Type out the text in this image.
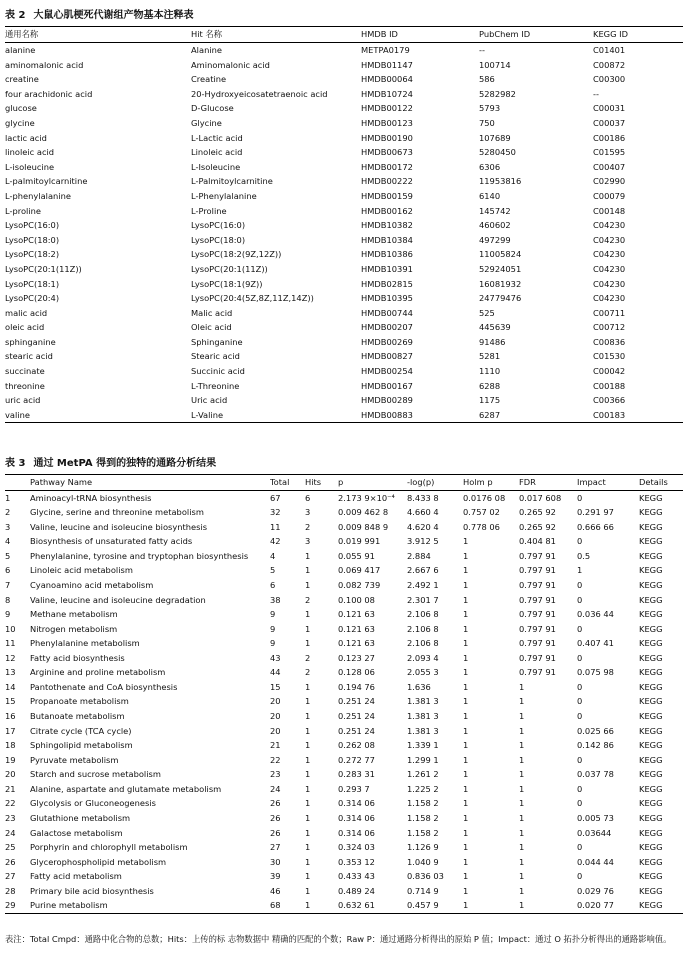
表 2 大鼠心肌梗死代谢组产物基本注释表

通用名称	Hit 名称	HMDB ID	PubChem ID	KEGG ID
alanine	Alanine	METPA0179	--	C01401
aminomalonic acid	Aminomalonic acid	HMDB01147	100714	C00872
creatine	Creatine	HMDB00064	586	C00300
four arachidonic acid	20-Hydroxyeicosatetraenoic acid	HMDB10724	5282982	--
glucose	D-Glucose	HMDB00122	5793	C00031
glycine	Glycine	HMDB00123	750	C00037
lactic acid	L-Lactic acid	HMDB00190	107689	C00186
linoleic acid	Linoleic acid	HMDB00673	5280450	C01595
L-isoleucine	L-Isoleucine	HMDB00172	6306	C00407
L-palmitoylcarnitine	L-Palmitoylcarnitine	HMDB00222	11953816	C02990
L-phenylalanine	L-Phenylalanine	HMDB00159	6140	C00079
L-proline	L-Proline	HMDB00162	145742	C00148
LysoPC(16:0)	LysoPC(16:0)	HMDB10382	460602	C04230
LysoPC(18:0)	LysoPC(18:0)	HMDB10384	497299	C04230
LysoPC(18:2)	LysoPC(18:2(9Z,12Z))	HMDB10386	11005824	C04230
LysoPC(20:1(11Z))	LysoPC(20:1(11Z))	HMDB10391	52924051	C04230
LysoPC(18:1)	LysoPC(18:1(9Z))	HMDB02815	16081932	C04230
LysoPC(20:4)	LysoPC(20:4(5Z,8Z,11Z,14Z))	HMDB10395	24779476	C04230
malic acid	Malic acid	HMDB00744	525	C00711
oleic acid	Oleic acid	HMDB00207	445639	C00712
sphinganine	Sphinganine	HMDB00269	91486	C00836
stearic acid	Stearic acid	HMDB00827	5281	C01530
succinate	Succinic acid	HMDB00254	1110	C00042
threonine	L-Threonine	HMDB00167	6288	C00188
uric acid	Uric acid	HMDB00289	1175	C00366
valine	L-Valine	HMDB00883	6287	C00183

表 3 通过 MetPA 得到的独特的通路分析结果

	Pathway Name	Total	Hits	p	-log(p)	Holm p	FDR	Impact	Details
1	Aminoacyl-tRNA biosynthesis	67	6	2.173 9×10⁻⁴	8.433 8	0.0176 08	0.017 608	0	KEGG
2	Glycine, serine and threonine metabolism	32	3	0.009 462 8	4.660 4	0.757 02	0.265 92	0.291 97	KEGG
3	Valine, leucine and isoleucine biosynthesis	11	2	0.009 848 9	4.620 4	0.778 06	0.265 92	0.666 66	KEGG
4	Biosynthesis of unsaturated fatty acids	42	3	0.019 991	3.912 5	1	0.404 81	0	KEGG
5	Phenylalanine, tyrosine and tryptophan biosynthesis	4	1	0.055 91	2.884	1	0.797 91	0.5	KEGG
6	Linoleic acid metabolism	5	1	0.069 417	2.667 6	1	0.797 91	1	KEGG
7	Cyanoamino acid metabolism	6	1	0.082 739	2.492 1	1	0.797 91	0	KEGG
8	Valine, leucine and isoleucine degradation	38	2	0.100 08	2.301 7	1	0.797 91	0	KEGG
9	Methane metabolism	9	1	0.121 63	2.106 8	1	0.797 91	0.036 44	KEGG
10	Nitrogen metabolism	9	1	0.121 63	2.106 8	1	0.797 91	0	KEGG
11	Phenylalanine metabolism	9	1	0.121 63	2.106 8	1	0.797 91	0.407 41	KEGG
12	Fatty acid biosynthesis	43	2	0.123 27	2.093 4	1	0.797 91	0	KEGG
13	Arginine and proline metabolism	44	2	0.128 06	2.055 3	1	0.797 91	0.075 98	KEGG
14	Pantothenate and CoA biosynthesis	15	1	0.194 76	1.636	1	1	0	KEGG
15	Propanoate metabolism	20	1	0.251 24	1.381 3	1	1	0	KEGG
16	Butanoate metabolism	20	1	0.251 24	1.381 3	1	1	0	KEGG
17	Citrate cycle (TCA cycle)	20	1	0.251 24	1.381 3	1	1	0.025 66	KEGG
18	Sphingolipid metabolism	21	1	0.262 08	1.339 1	1	1	0.142 86	KEGG
19	Pyruvate metabolism	22	1	0.272 77	1.299 1	1	1	0	KEGG
20	Starch and sucrose metabolism	23	1	0.283 31	1.261 2	1	1	0.037 78	KEGG
21	Alanine, aspartate and glutamate metabolism	24	1	0.293 7	1.225 2	1	1	0	KEGG
22	Glycolysis or Gluconeogenesis	26	1	0.314 06	1.158 2	1	1	0	KEGG
23	Glutathione metabolism	26	1	0.314 06	1.158 2	1	1	0.005 73	KEGG
24	Galactose metabolism	26	1	0.314 06	1.158 2	1	1	0.03644	KEGG
25	Porphyrin and chlorophyll metabolism	27	1	0.324 03	1.126 9	1	1	0	KEGG
26	Glycerophospholipid metabolism	30	1	0.353 12	1.040 9	1	1	0.044 44	KEGG
27	Fatty acid metabolism	39	1	0.433 43	0.836 03	1	1	0	KEGG
28	Primary bile acid biosynthesis	46	1	0.489 24	0.714 9	1	1	0.029 76	KEGG
29	Purine metabolism	68	1	0.632 61	0.457 9	1	1	0.020 77	KEGG
表注：Total Cmpd：通路中化合物的总数；Hits：上传的标 志物数据中 精确的匹配的个数；Raw P：通过通路分析得出的原始 P 值；Impact：通过 O 拓扑分析得出的通路影响值。
